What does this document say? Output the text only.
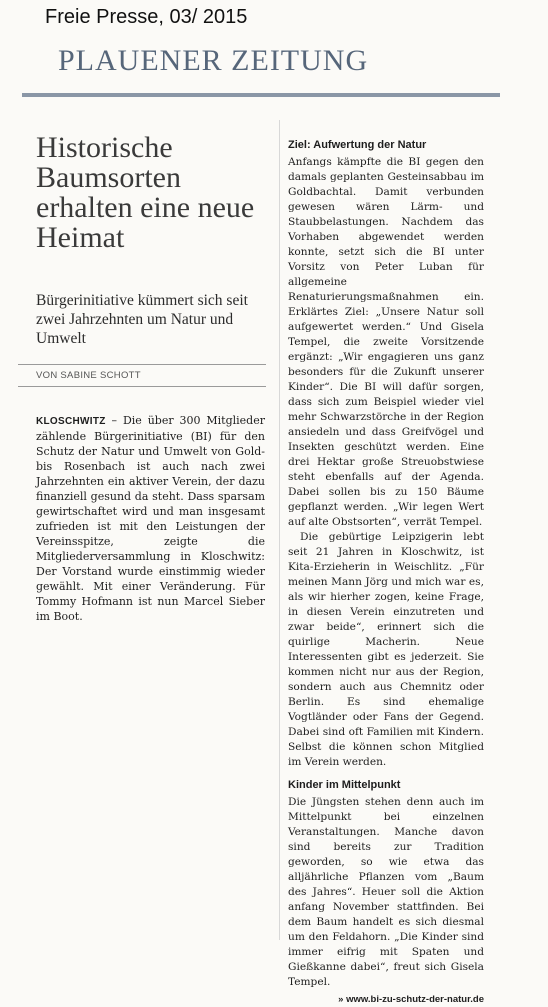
Freie Presse, 03/ 2015
PLAUENER ZEITUNG
Historische Baumsorten erhalten eine neue Heimat
Bürgerinitiative kümmert sich seit zwei Jahrzehnten um Natur und Umwelt
VON SABINE SCHOTT

KLOSCHWITZ – Die über 300 Mitglieder zählende Bürgerinitiative (BI) für den Schutz der Natur und Umwelt von Gold- bis Rosenbach ist auch nach zwei Jahrzehnten ein aktiver Verein, der dazu finanziell gesund da steht. Dass sparsam gewirtschaftet wird und man insgesamt zufrieden ist mit den Leistungen der Vereinsspitze, zeigte die Mitgliederversammlung in Kloschwitz: Der Vorstand wurde einstimmig wieder gewählt. Mit einer Veränderung. Für Tommy Hofmann ist nun Marcel Sieber im Boot.

Ziel: Aufwertung der Natur

Anfangs kämpfte die BI gegen den damals geplanten Gesteinsabbau im Goldbachtal. Damit verbunden gewesen wären Lärm- und Staubbelastungen. Nachdem das Vorhaben abgewendet werden konnte, setzt sich die BI unter Vorsitz von Peter Luban für allgemeine Renaturierungsmaßnahmen ein. Erklärtes Ziel: „Unsere Natur soll aufgewertet werden.“ Und Gisela Tempel, die zweite Vorsitzende ergänzt: „Wir engagieren uns ganz besonders für die Zukunft unserer Kinder“. Die BI will dafür sorgen, dass sich zum Beispiel wieder viel mehr Schwarzstörche in der Region ansiedeln und dass Greifvögel und Insekten geschützt werden. Eine drei Hektar große Streuobstwiese steht ebenfalls auf der Agenda. Dabei sollen bis zu 150 Bäume gepflanzt werden. „Wir legen Wert auf alte Obstsorten“, verrät Tempel.

Die gebürtige Leipzigerin lebt seit 21 Jahren in Kloschwitz, ist Kita-Erzieherin in Weischlitz. „Für meinen Mann Jörg und mich war es, als wir hierher zogen, keine Frage, in diesen Verein einzutreten und zwar beide“, erinnert sich die quirlige Macherin. Neue Interessenten gibt es jederzeit. Sie kommen nicht nur aus der Region, sondern auch aus Chemnitz oder Berlin. Es sind ehemalige Vogtländer oder Fans der Gegend. Dabei sind oft Familien mit Kindern. Selbst die können schon Mitglied im Verein werden.

Kinder im Mittelpunkt

Die Jüngsten stehen denn auch im Mittelpunkt bei einzelnen Veranstaltungen. Manche davon sind bereits zur Tradition geworden, so wie etwa das alljährliche Pflanzen vom „Baum des Jahres“. Heuer soll die Aktion anfang November stattfinden. Bei dem Baum handelt es sich diesmal um den Feldahorn. „Die Kinder sind immer eifrig mit Spaten und Gießkanne dabei“, freut sich Gisela Tempel.

» www.bi-zu-schutz-der-natur.de
